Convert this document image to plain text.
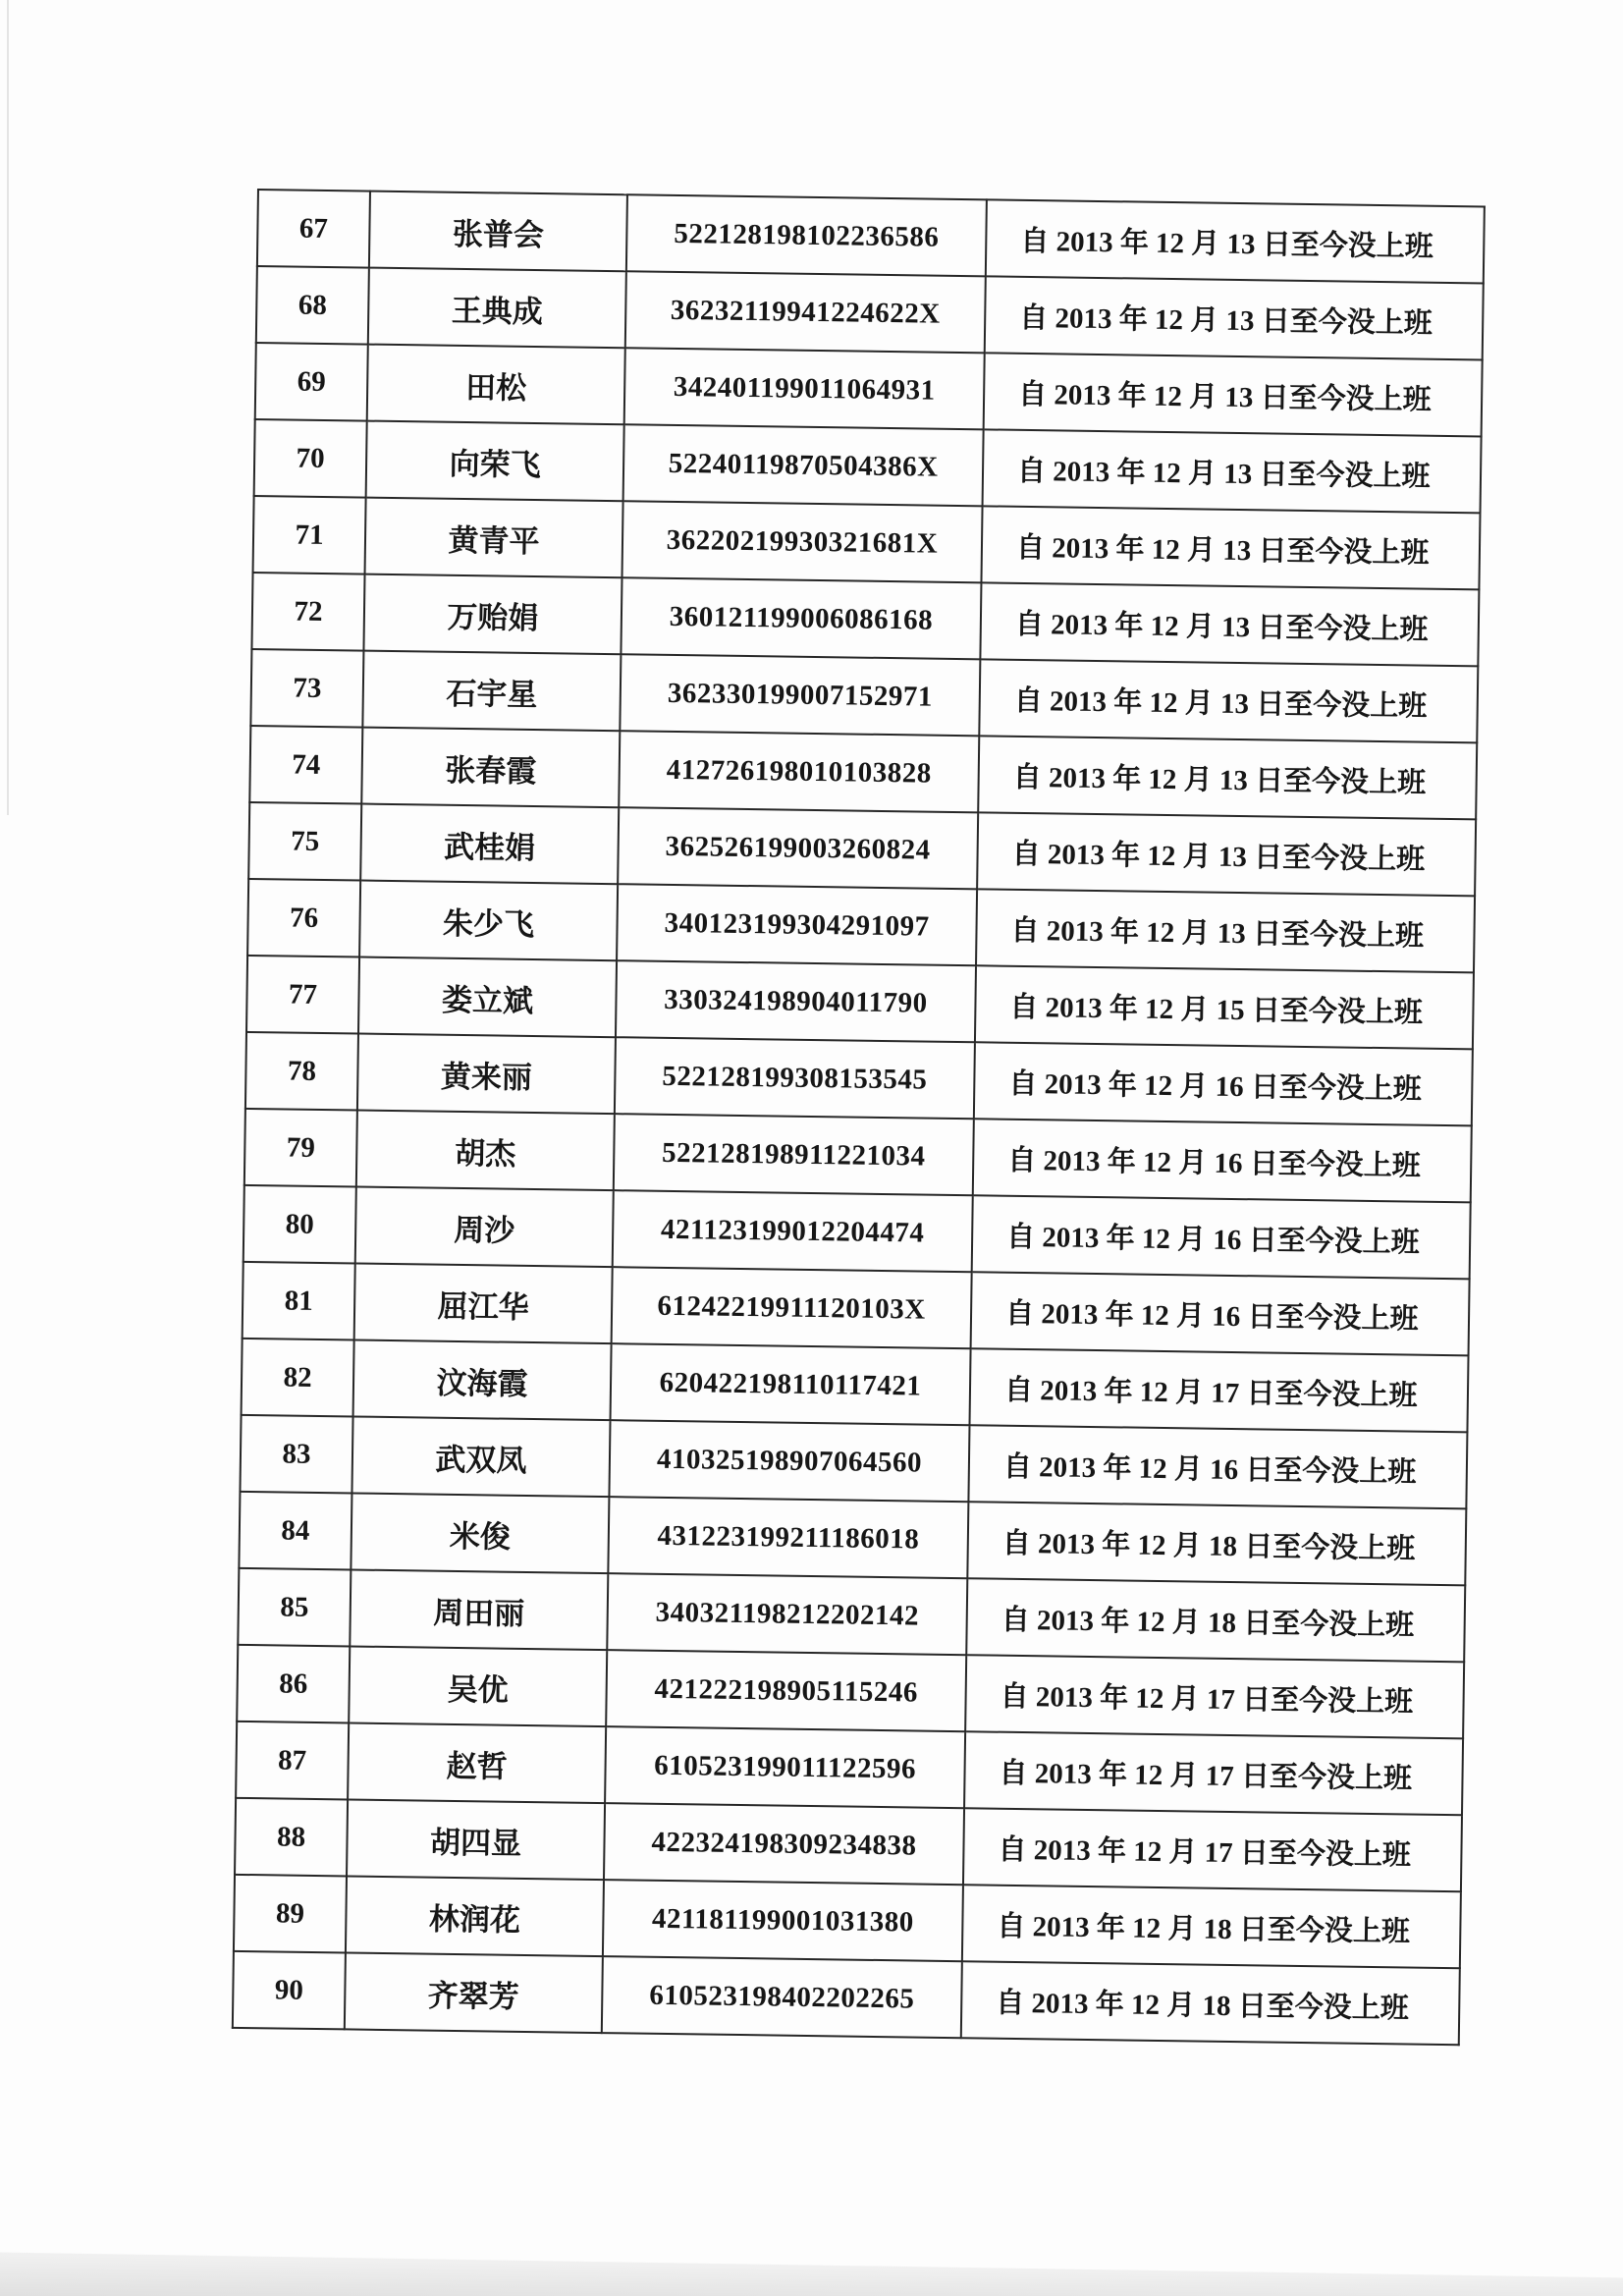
67	张普会	522128198102236586	自 2013 年 12 月 13 日至今没上班
68	王典成	36232119941224622X	自 2013 年 12 月 13 日至今没上班
69	田松	342401199011064931	自 2013 年 12 月 13 日至今没上班
70	向荣飞	52240119870504386X	自 2013 年 12 月 13 日至今没上班
71	黄青平	36220219930321681X	自 2013 年 12 月 13 日至今没上班
72	万贻娟	360121199006086168	自 2013 年 12 月 13 日至今没上班
73	石宇星	362330199007152971	自 2013 年 12 月 13 日至今没上班
74	张春霞	412726198010103828	自 2013 年 12 月 13 日至今没上班
75	武桂娟	362526199003260824	自 2013 年 12 月 13 日至今没上班
76	朱少飞	340123199304291097	自 2013 年 12 月 13 日至今没上班
77	娄立斌	330324198904011790	自 2013 年 12 月 15 日至今没上班
78	黄来丽	522128199308153545	自 2013 年 12 月 16 日至今没上班
79	胡杰	522128198911221034	自 2013 年 12 月 16 日至今没上班
80	周沙	421123199012204474	自 2013 年 12 月 16 日至今没上班
81	屈江华	61242219911120103X	自 2013 年 12 月 16 日至今没上班
82	汶海霞	620422198110117421	自 2013 年 12 月 17 日至今没上班
83	武双凤	410325198907064560	自 2013 年 12 月 16 日至今没上班
84	米俊	431223199211186018	自 2013 年 12 月 18 日至今没上班
85	周田丽	340321198212202142	自 2013 年 12 月 18 日至今没上班
86	吴优	421222198905115246	自 2013 年 12 月 17 日至今没上班
87	赵哲	610523199011122596	自 2013 年 12 月 17 日至今没上班
88	胡四显	422324198309234838	自 2013 年 12 月 17 日至今没上班
89	林润花	421181199001031380	自 2013 年 12 月 18 日至今没上班
90	齐翠芳	610523198402202265	自 2013 年 12 月 18 日至今没上班
